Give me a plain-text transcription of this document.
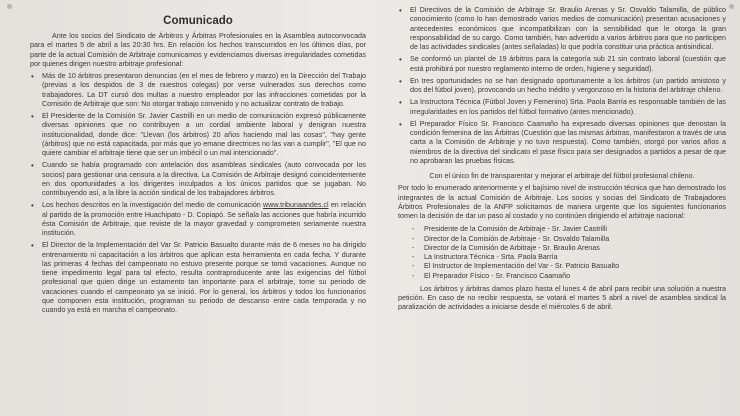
Comunicado

Ante los socios del Sindicato de Árbitros y Árbitras Profesionales en la Asamblea autoconvocada para el martes 5 de abril a las 20:30 hrs. En relación los hechos transcurridos en los últimos días, por parte de la actual Comisión de Arbitraje comunicamos y evidenciamos diversas irregularidades cometidas por quienes dirigen nuestro arbitraje profesional:

• Más de 10 árbitros presentaron denuncias (en el mes de febrero y marzo) en la Dirección del Trabajo (previas a los despidos de 3 de nuestros colegas) por verse vulnerados sus derechos como trabajadores. La DT cursó dos multas a nuestro empleador por las infracciones cometidas por la Comisión de Arbitraje que son: No otorgar trabajo convenido y no actualizar contrato de trabajo.
• El Presidente de la Comisión Sr. Javier Castrilli en un medio de comunicación expresó públicamente diversas opiniones que no contribuyen a un cordial ambiente laboral y denigran nuestra institucionalidad, donde dice: "Llevan (los árbitros) 20 años haciendo mal las cosas", "hay gente (árbitros) que no está capacitada, por más que yo emane directrices no las van a cumplir", "El que no quiere cambiar el arbitraje tiene que ser un imbécil o un mal intencionado".
• Cuando se había programado con antelación dos asambleas sindicales (auto convocada por los socios) para gestionar una censura a la directiva. La Comisión de Arbitraje designó coincidentemente en dos oportunidades a los dirigentes inculpados a los únicos partidos que se jugaban. No contribuyendo así, a la libre la acción sindical de los trabajadores árbitros.
• Los hechos descritos en la investigación del medio de comunicación www.tribunaandes.cl en relación al partido de la promoción entre Huachipato - D. Copiapó. Se señala las acciones que habría incurrido ésta Comisión de Arbitraje, que reviste de la mayor gravedad y comprometen seriamente nuestra institución.
• El Director de la Implementación del Var Sr. Patricio Basualto durante más de 6 meses no ha dirigido entrenamiento ni capacitación a los árbitros que aplican esta herramienta en cada fecha. Y durante las primeras 4 fechas del campeonato no estuvo presente porque se tomó vacaciones. Aunque no tiene impedimento legal para tal efecto, resulta contraproducente ante las exigencias del fútbol profesional que quien dirige un estamento tan importante para el arbitraje, tome su periodo de vacaciones cuando el campeonato ya se inició. Por lo general, los árbitros y todos los funcionarios que componen esta institución, programan su periodo de descanso entre cada temporada y no cuando ya está en marcha el campeonato.
• El Directivos de la Comisión de Arbitraje Sr. Braulio Arenas y Sr. Osvaldo Talamilla, de público conocimiento (como lo han demostrado varios medios de comunicación) presentan acusaciones y antecedentes económicos que incompatibilizan con la sensibilidad que le otorga la gran responsabilidad de su cargo. Como también, han advertido a varios árbitros para que no participen de las actividades sindicales (antes señaladas) lo que podría constituir una práctica antisindical.
• Se conformó un plantel de 19 árbitros para la categoría sub 21 sin contrato laboral (cuestión que está prohibirá por nuestro reglamento interno de orden, higiene y seguridad).
• En tres oportunidades no se han designado oportunamente a los árbitros (un partido amistoso y dos del fútbol joven), provocando un hecho inédito y vergonzoso en la historia del arbitraje chileno.
• La Instructora Técnica (Fútbol Joven y Femenino) Srta. Paola Barría es responsable también de las irregularidades en los partidos del fútbol formativo (antes mencionado).
• El Preparador Físico Sr. Francisco Caamaño ha expresado diversas opiniones que denostan la condición femenina de las Árbitras (Cuestión que las mismas árbitras, manifestaron a través de una carta a la Comisión de Arbitraje y no tuvo respuesta). Como también, otorgó por varios años a miembros de la directiva del sindicato el pase físico para ser designados a partidos a pesar de que no aprobaran las pruebas físicas.

Con el único fin de transparentar y mejorar el arbitraje del fútbol profesional chileno.

Por todo lo enumerado anteriormente y el bajísimo nivel de instrucción técnica que han demostrado los integrantes de la actual Comisión de Arbitraje. Los socios y socias del Sindicato de Trabajadores Árbitros Profesionales de la ANFP solicitamos de manera urgente que los siguientes funcionarios tomen la decisión de dar un paso al costado y no continúen dirigiendo el arbitraje nacional:

- Presidente de la Comisión de Arbitraje - Sr. Javier Castrilli
- Director de la Comisión de Arbitraje - Sr. Osvaldo Talamilla
- Director de la Comisión de Arbitraje - Sr. Braulio Arenas
- La Instructora Técnica - Srta. Paola Barría
- El Instructor de Implementación del Var - Sr. Patricio Basualto
- El Preparador Físico - Sr. Francisco Caamaño

Los árbitros y árbitras damos plazo hasta el lunes 4 de abril para recibir una solución a nuestra petición. En caso de no recibir respuesta, se votará el martes 5 abril a nivel de asamblea sindical la paralización de actividades a iniciarse desde el miércoles 6 de abril.
